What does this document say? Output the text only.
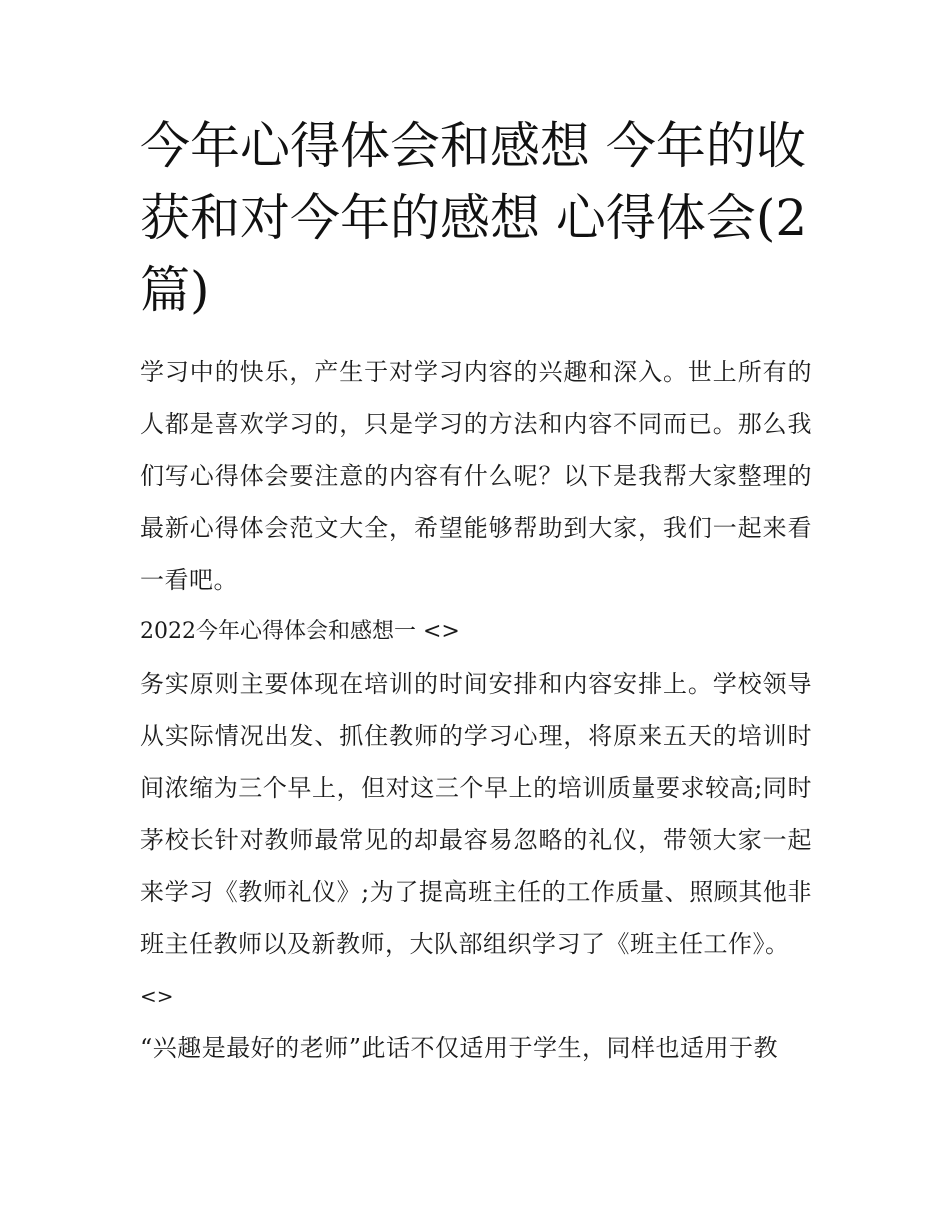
今年心得体会和感想 今年的收获和对今年的感想 心得体会(2篇)

学习中的快乐，产生于对学习内容的兴趣和深入。世上所有的人都是喜欢学习的，只是学习的方法和内容不同而已。那么我们写心得体会要注意的内容有什么呢？以下是我帮大家整理的最新心得体会范文大全，希望能够帮助到大家，我们一起来看一看吧。

2022今年心得体会和感想一 <>

务实原则主要体现在培训的时间安排和内容安排上。学校领导从实际情况出发、抓住教师的学习心理，将原来五天的培训时间浓缩为三个早上，但对这三个早上的培训质量要求较高;同时茅校长针对教师最常见的却最容易忽略的礼仪，带领大家一起来学习《教师礼仪》;为了提高班主任的工作质量、照顾其他非班主任教师以及新教师，大队部组织学习了《班主任工作》。

<>

“兴趣是最好的老师”此话不仅适用于学生，同样也适用于教
